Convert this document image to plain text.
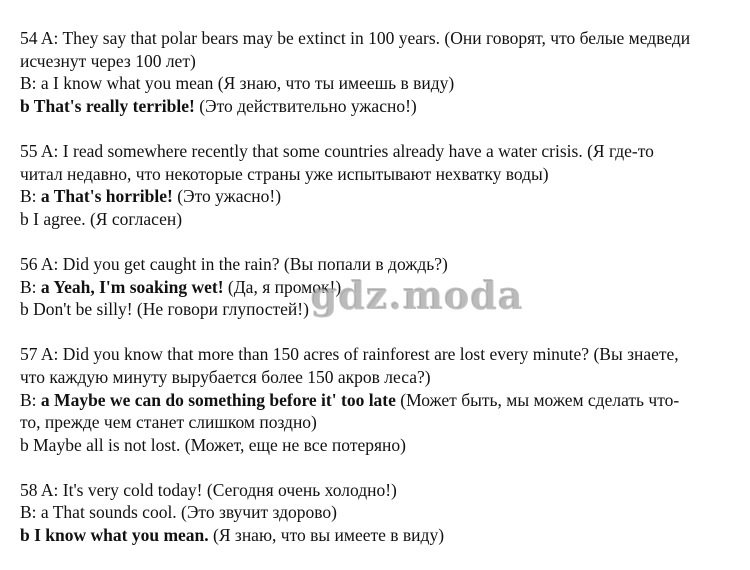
54 A: They say that polar bears may be extinct in 100 years. (Они говорят, что белые медведи
исчезнут через 100 лет)
B: a I know what you mean (Я знаю, что ты имеешь в виду)
b That's really terrible! (Это действительно ужасно!)
55 A: I read somewhere recently that some countries already have a water crisis. (Я где-то
читал недавно, что некоторые страны уже испытывают нехватку воды)
B: a That's horrible! (Это ужасно!)
b I agree. (Я согласен)
56 A: Did you get caught in the rain? (Вы попали в дождь?)
B: a Yeah, I'm soaking wet! (Да, я промок!)
b Don't be silly! (Не говори глупостей!)
57 A: Did you know that more than 150 acres of rainforest are lost every minute? (Вы знаете,
что каждую минуту вырубается более 150 акров леса?)
B: a Maybe we can do something before it' too late (Может быть, мы можем сделать что-
то, прежде чем станет слишком поздно)
b Maybe all is not lost. (Может, еще не все потеряно)
58 A: It's very cold today! (Сегодня очень холодно!)
B: a That sounds cool. (Это звучит здорово)
b I know what you mean. (Я знаю, что вы имеете в виду)
gdz.moda
